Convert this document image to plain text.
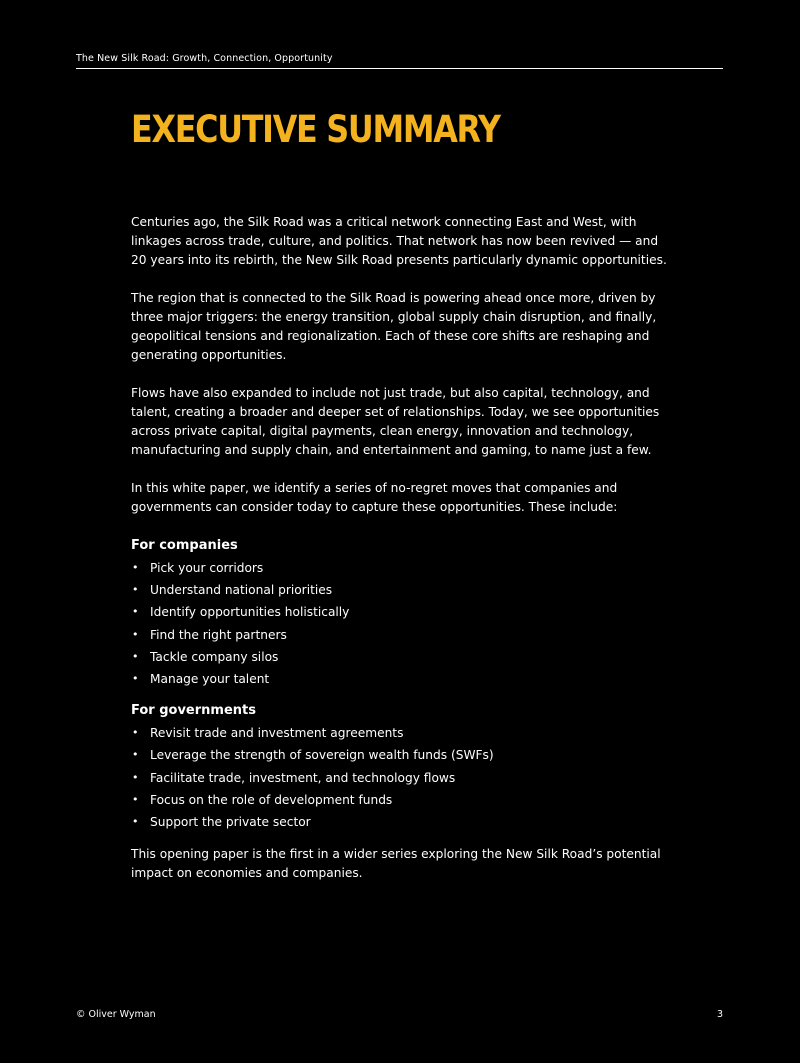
The New Silk Road: Growth, Connection, Opportunity
EXECUTIVE SUMMARY

Centuries ago, the Silk Road was a critical network connecting East and West, with linkages across trade, culture, and politics. That network has now been revived — and 20 years into its rebirth, the New Silk Road presents particularly dynamic opportunities.

The region that is connected to the Silk Road is powering ahead once more, driven by three major triggers: the energy transition, global supply chain disruption, and finally, geopolitical tensions and regionalization. Each of these core shifts are reshaping and generating opportunities.

Flows have also expanded to include not just trade, but also capital, technology, and talent, creating a broader and deeper set of relationships. Today, we see opportunities across private capital, digital payments, clean energy, innovation and technology, manufacturing and supply chain, and entertainment and gaming, to name just a few.

In this white paper, we identify a series of no-regret moves that companies and governments can consider today to capture these opportunities. These include:

For companies
• Pick your corridors
• Understand national priorities
• Identify opportunities holistically
• Find the right partners
• Tackle company silos
• Manage your talent
For governments
• Revisit trade and investment agreements
• Leverage the strength of sovereign wealth funds (SWFs)
• Facilitate trade, investment, and technology flows
• Focus on the role of development funds
• Support the private sector

This opening paper is the first in a wider series exploring the New Silk Road’s potential impact on economies and companies.

© Oliver Wyman	3
